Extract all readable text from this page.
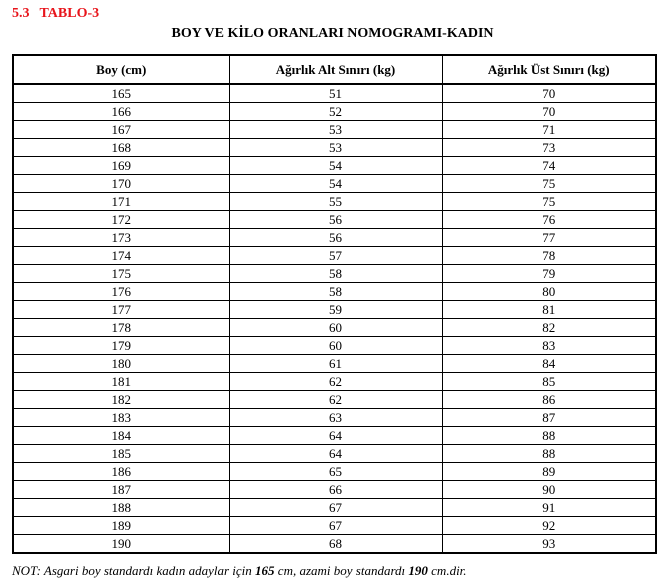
5.3 TABLO-3
BOY VE KİLO ORANLARI NOMOGRAMI-KADIN
Boy (cm)	Ağırlık Alt Sınırı (kg)	Ağırlık Üst Sınırı (kg)
165	51	70
166	52	70
167	53	71
168	53	73
169	54	74
170	54	75
171	55	75
172	56	76
173	56	77
174	57	78
175	58	79
176	58	80
177	59	81
178	60	82
179	60	83
180	61	84
181	62	85
182	62	86
183	63	87
184	64	88
185	64	88
186	65	89
187	66	90
188	67	91
189	67	92
190	68	93
NOT: Asgari boy standardı kadın adaylar için 165 cm, azami boy standardı 190 cm.dir.
